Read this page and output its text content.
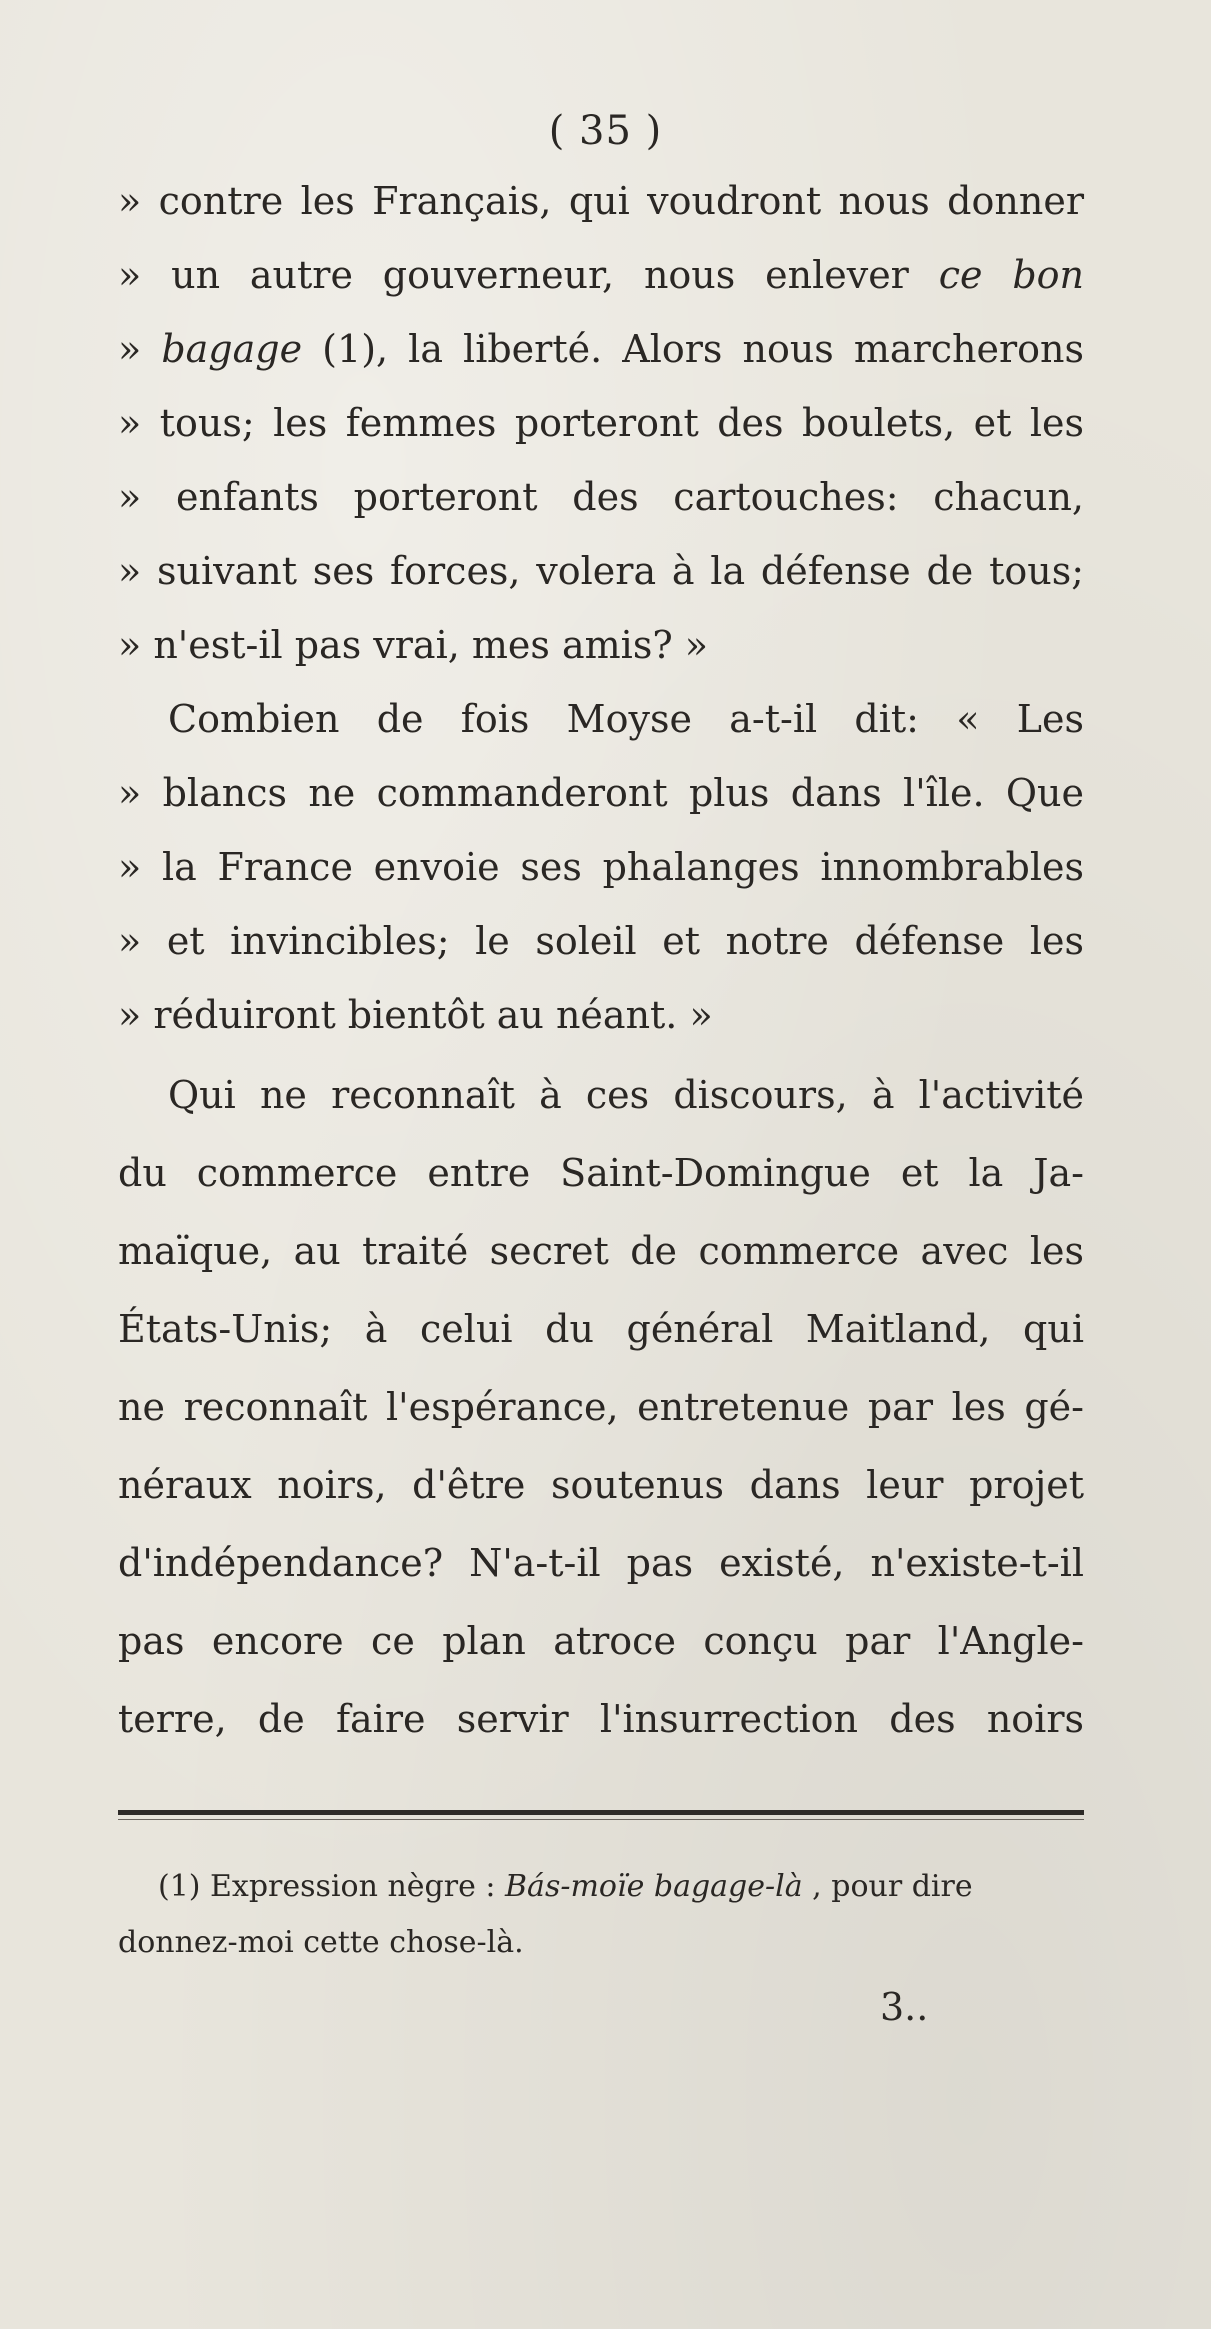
( 35 )
» contre les Français, qui voudront nous donner
» un autre gouverneur, nous enlever ce bon
» bagage (1), la liberté. Alors nous marcherons
» tous; les femmes porteront des boulets, et les
» enfants porteront des cartouches: chacun,
» suivant ses forces, volera à la défense de tous;
» n'est-il pas vrai, mes amis? »
Combien de fois Moyse a-t-il dit: « Les
» blancs ne commanderont plus dans l'île. Que
» la France envoie ses phalanges innombrables
» et invincibles; le soleil et notre défense les
» réduiront bientôt au néant. »
Qui ne reconnaît à ces discours, à l'activité
du commerce entre Saint-Domingue et la Ja-
maïque, au traité secret de commerce avec les
États-Unis; à celui du général Maitland, qui
ne reconnaît l'espérance, entretenue par les gé-
néraux noirs, d'être soutenus dans leur projet
d'indépendance? N'a-t-il pas existé, n'existe-t-il
pas encore ce plan atroce conçu par l'Angle-
terre, de faire servir l'insurrection des noirs
(1) Expression nègre : Bás-moïe bagage-là , pour dire
donnez-moi cette chose-là.
3..
